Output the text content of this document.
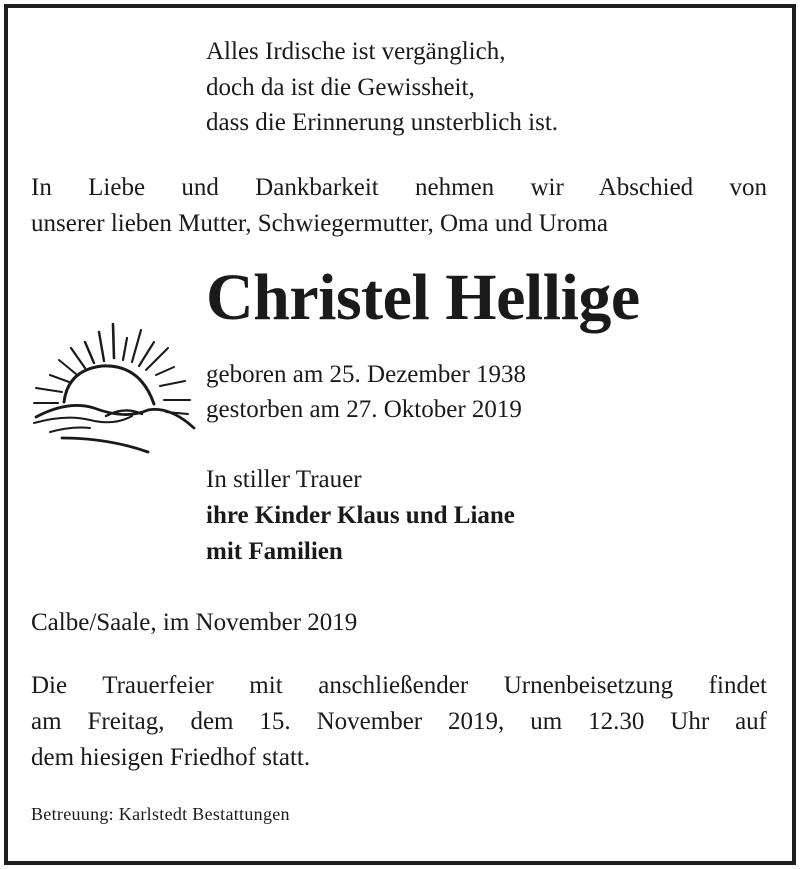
Alles Irdische ist vergänglich,
doch da ist die Gewissheit,
dass die Erinnerung unsterblich ist.
In Liebe und Dankbarkeit nehmen wir Abschied von
unserer lieben Mutter, Schwiegermutter, Oma und Uroma
Christel Hellige
geboren am 25. Dezember 1938
gestorben am 27. Oktober 2019
In stiller Trauer
ihre Kinder Klaus und Liane
mit Familien
Calbe/Saale, im November 2019
Die Trauerfeier mit anschließender Urnenbeisetzung findet
am Freitag, dem 15. November 2019, um 12.30 Uhr auf
dem hiesigen Friedhof statt.
Betreuung: Karlstedt Bestattungen
